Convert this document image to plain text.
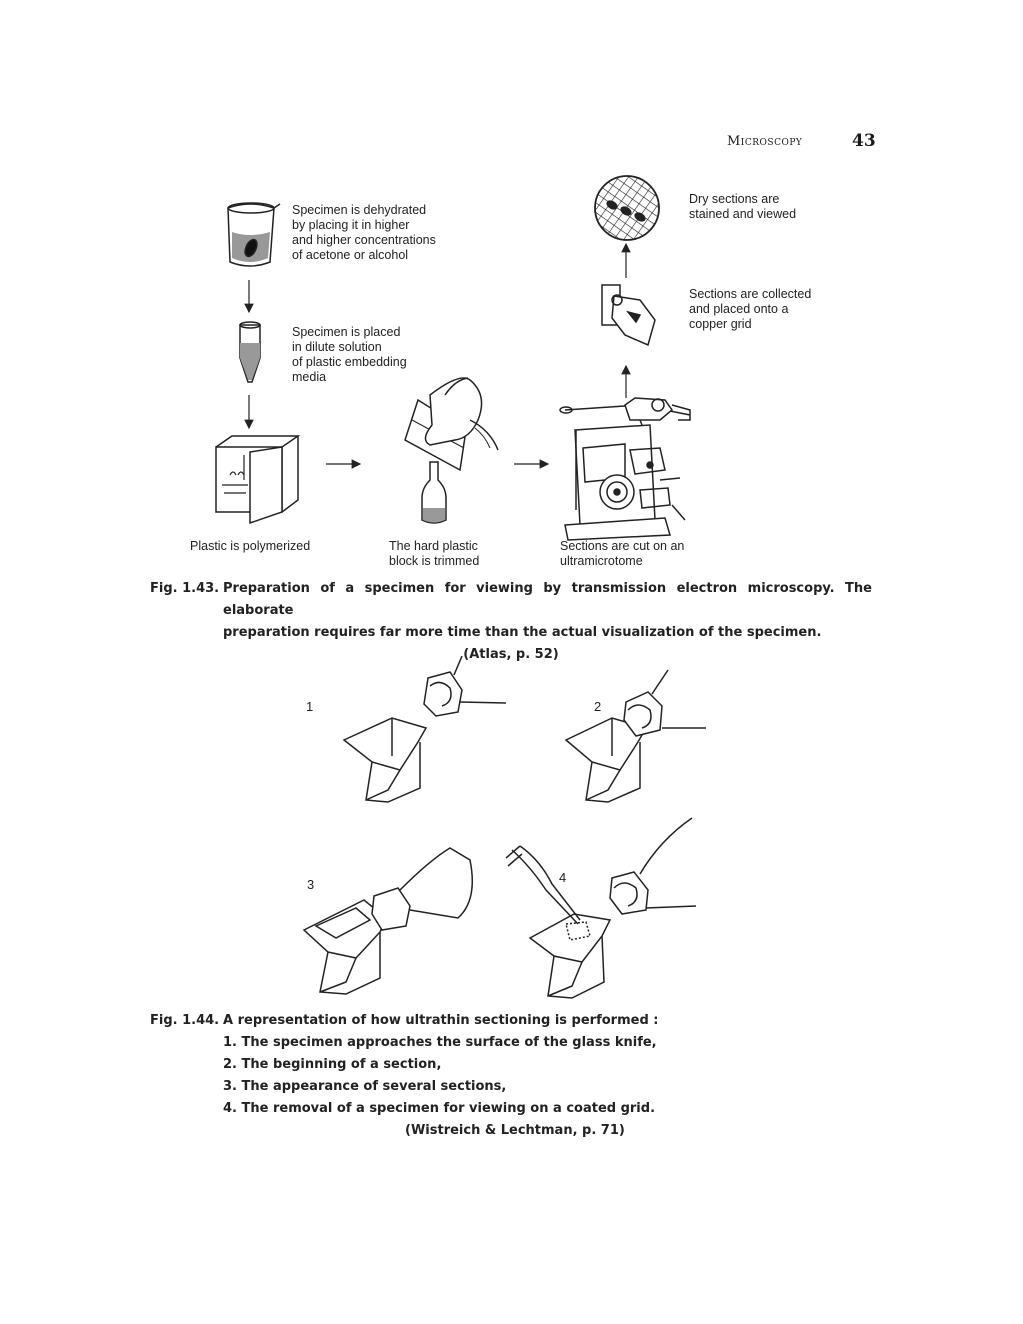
Microscopy	43
Specimen is dehydrated
by placing it in higher
and higher concentrations
of acetone or alcohol
Specimen is placed
in dilute solution
of plastic embedding
media
Plastic is polymerized	The hard plastic
block is trimmed
Sections are cut on an
ultramicrotome
Sections are collected
and placed onto a
copper grid
Dry sections are
stained and viewed
Fig. 1.43. Preparation of a specimen for viewing by transmission electron microscopy. The elaborate
preparation requires far more time than the actual visualization of the specimen.
(Atlas, p. 52)
1	2
3	4
Fig. 1.44. A representation of how ultrathin sectioning is performed :
1. The specimen approaches the surface of the glass knife,
2. The beginning of a section,
3. The appearance of several sections,
4. The removal of a specimen for viewing on a coated grid.
(Wistreich & Lechtman, p. 71)
